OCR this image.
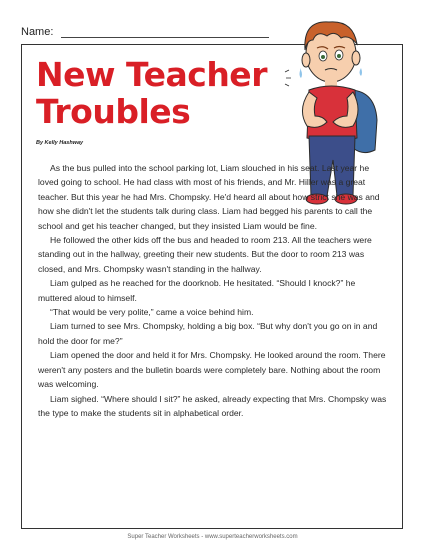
Name:
New Teacher
Troubles
By Kelly Hashway

As the bus pulled into the school parking lot, Liam slouched in his seat. Last year he loved going to school. He had class with most of his friends, and Mr. Hiller was a great teacher. But this year he had Mrs. Chompsky. He'd heard all about how strict she was and how she didn't let the students talk during class. Liam had begged his parents to call the school and get his teacher changed, but they insisted Liam would be fine.

He followed the other kids off the bus and headed to room 213. All the teachers were standing out in the hallway, greeting their new students. But the door to room 213 was closed, and Mrs. Chompsky wasn't standing in the hallway.

Liam gulped as he reached for the doorknob. He hesitated. “Should I knock?” he muttered aloud to himself.

“That would be very polite,” came a voice behind him.

Liam turned to see Mrs. Chompsky, holding a big box. “But why don't you go on in and hold the door for me?”

Liam opened the door and held it for Mrs. Chompsky. He looked around the room. There weren't any posters and the bulletin boards were completely bare. Nothing about the room was welcoming.

Liam sighed. “Where should I sit?” he asked, already expecting that Mrs. Chompsky was the type to make the students sit in alphabetical order.

Super Teacher Worksheets - www.superteacherworksheets.com
